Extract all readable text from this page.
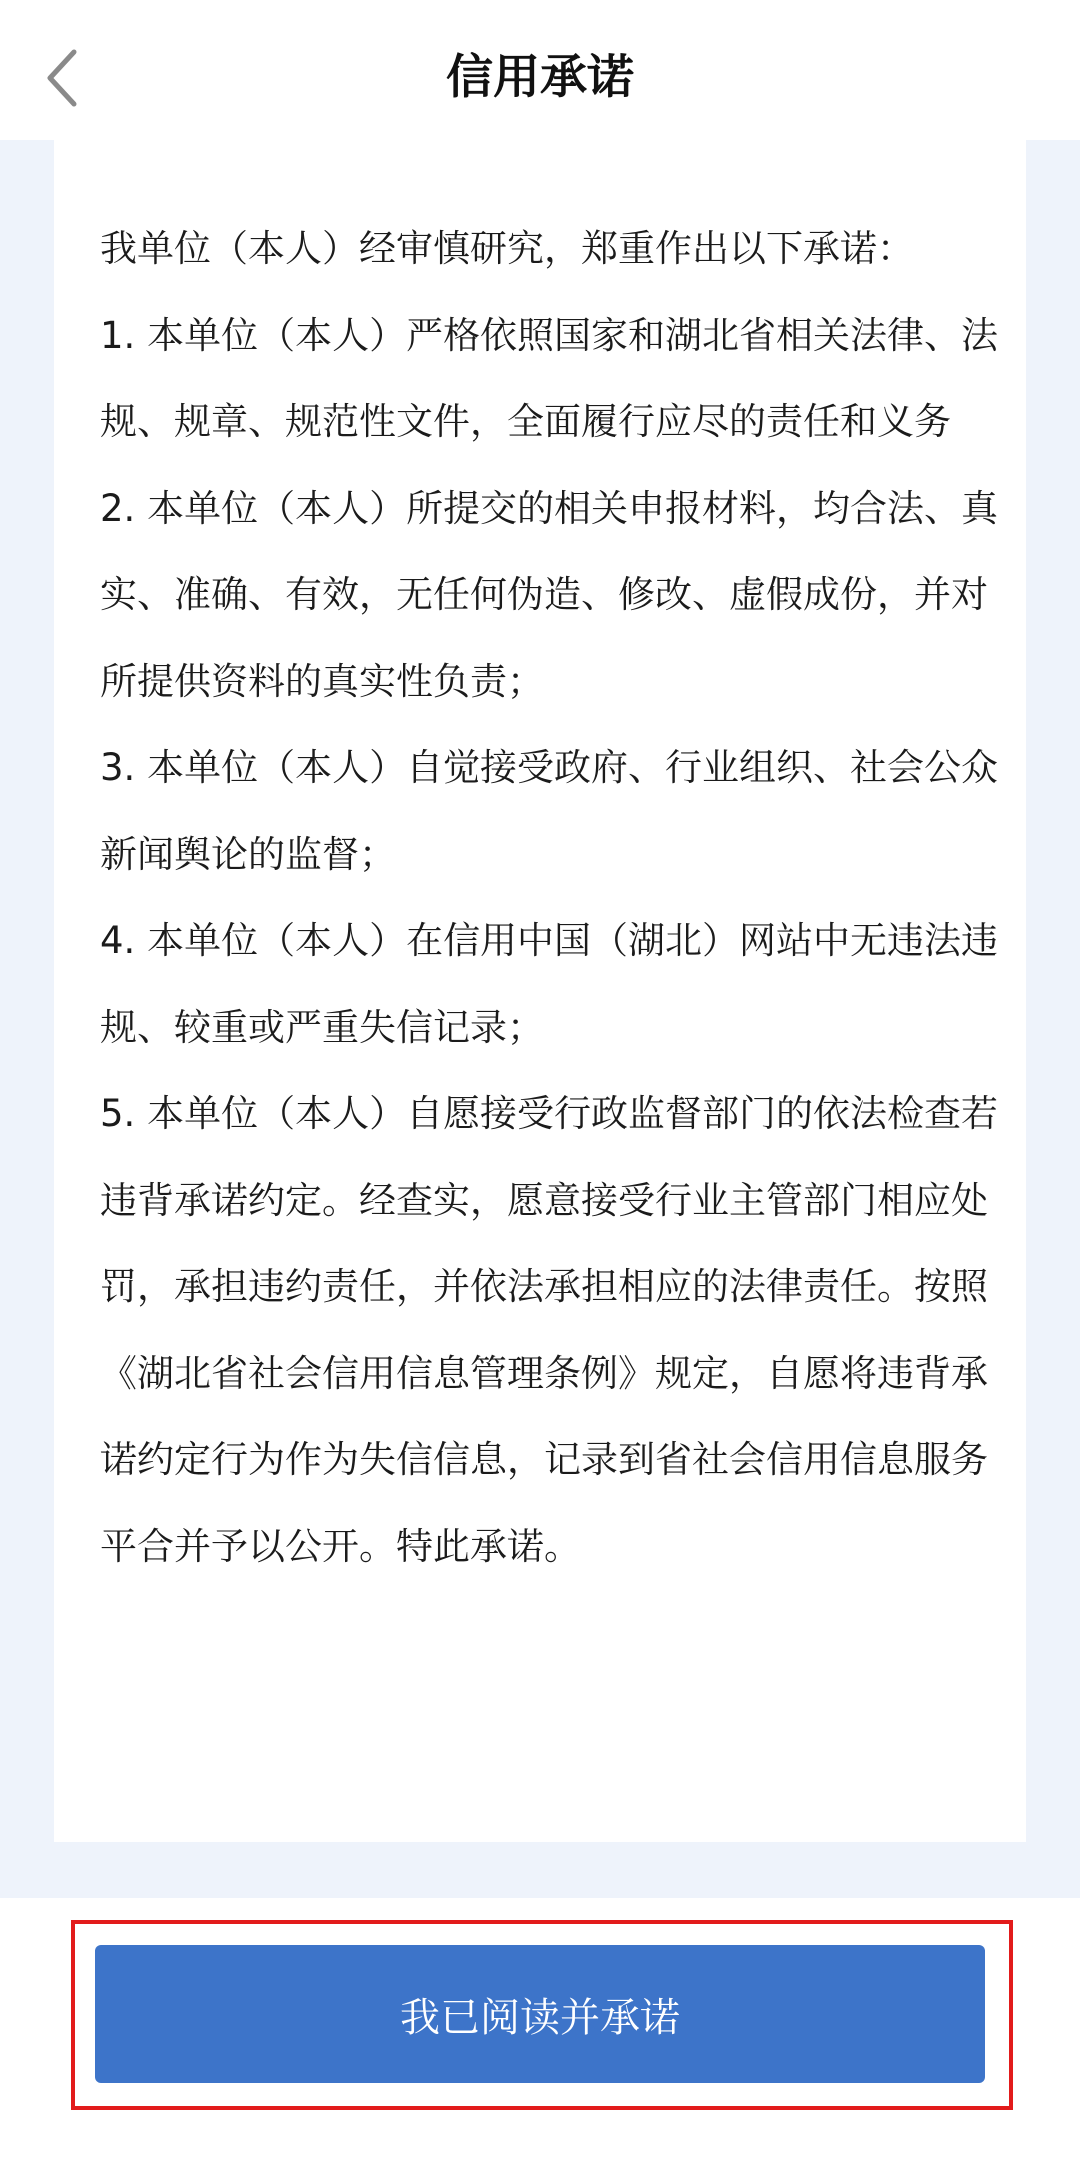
我单位（本人）经审慎研究，郑重作出以下承诺：

1. 本单位（本人）严格依照国家和湖北省相关法律、法规、规章、规范性文件，全面履行应尽的责任和义务

2. 本单位（本人）所提交的相关申报材料，均合法、真实、准确、有效，无任何伪造、修改、虚假成份，并对所提供资料的真实性负责；

3. 本单位（本人）自觉接受政府、行业组织、社会公众新闻舆论的监督；

4. 本单位（本人）在信用中国（湖北）网站中无违法违规、较重或严重失信记录；

5. 本单位（本人）自愿接受行政监督部门的依法检查若违背承诺约定。经查实，愿意接受行业主管部门相应处罚，承担违约责任，并依法承担相应的法律责任。按照《湖北省社会信用信息管理条例》规定，自愿将违背承诺约定行为作为失信信息，记录到省社会信用信息服务平合并予以公开。特此承诺。

信用承诺
我已阅读并承诺
